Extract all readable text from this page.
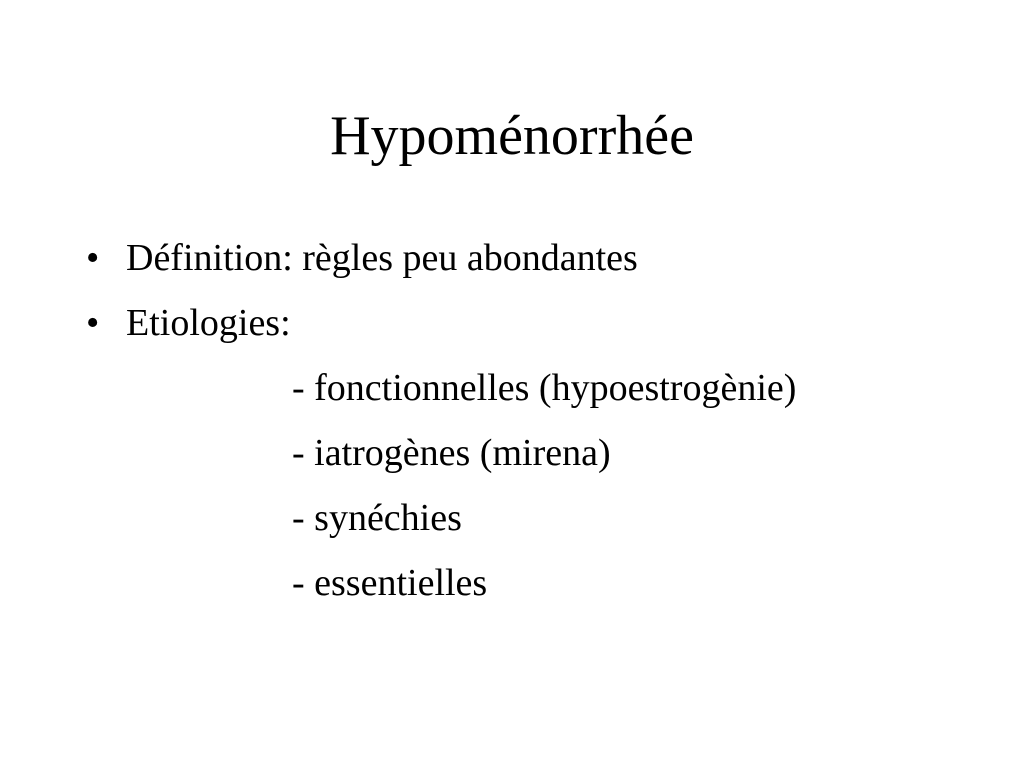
Hypoménorrhée
• Définition: règles peu abondantes
• Etiologies:
- fonctionnelles (hypoestrogènie)
- iatrogènes (mirena)
- synéchies
- essentielles
